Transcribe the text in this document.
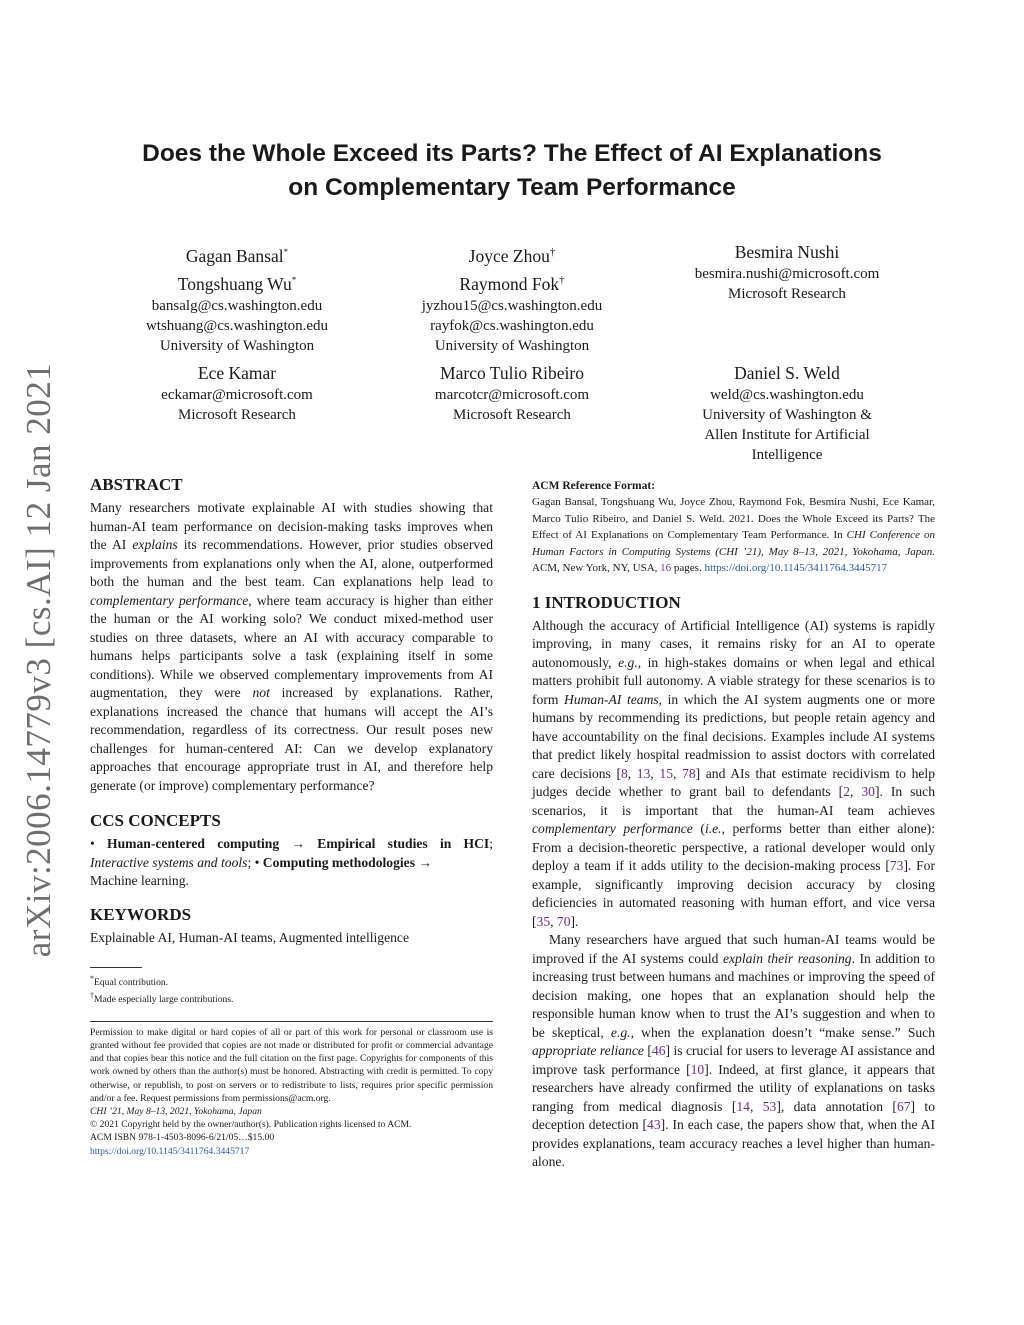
arXiv:2006.14779v3 [cs.AI] 12 Jan 2021
Does the Whole Exceed its Parts? The Effect of AI Explanations
on Complementary Team Performance
Gagan Bansal*
Tongshuang Wu*
bansalg@cs.washington.edu
wtshuang@cs.washington.edu
University of Washington
Joyce Zhou†
Raymond Fok†
jyzhou15@cs.washington.edu
rayfok@cs.washington.edu
University of Washington
Besmira Nushi
besmira.nushi@microsoft.com
Microsoft Research
Ece Kamar
eckamar@microsoft.com
Microsoft Research
Marco Tulio Ribeiro
marcotcr@microsoft.com
Microsoft Research
Daniel S. Weld
weld@cs.washington.edu
University of Washington &
Allen Institute for Artificial
Intelligence
ABSTRACT

Many researchers motivate explainable AI with studies showing that human-AI team performance on decision-making tasks improves when the AI explains its recommendations. However, prior studies observed improvements from explanations only when the AI, alone, outperformed both the human and the best team. Can explanations help lead to complementary performance, where team accuracy is higher than either the human or the AI working solo? We conduct mixed-method user studies on three datasets, where an AI with accuracy comparable to humans helps participants solve a task (explaining itself in some conditions). While we observed complementary improvements from AI augmentation, they were not increased by explanations. Rather, explanations increased the chance that humans will accept the AI’s recommendation, regardless of its correctness. Our result poses new challenges for human-centered AI: Can we develop explanatory approaches that encourage appropriate trust in AI, and therefore help generate (or improve) complementary performance?

CCS CONCEPTS

• Human-centered computing → Empirical studies in HCI; Interactive systems and tools; • Computing methodologies →
Machine learning.

KEYWORDS

Explainable AI, Human-AI teams, Augmented intelligence

*Equal contribution.
†Made especially large contributions.
Permission to make digital or hard copies of all or part of this work for personal or classroom use is granted without fee provided that copies are not made or distributed for profit or commercial advantage and that copies bear this notice and the full citation on the first page. Copyrights for components of this work owned by others than the author(s) must be honored. Abstracting with credit is permitted. To copy otherwise, or republish, to post on servers or to redistribute to lists, requires prior specific permission and/or a fee. Request permissions from permissions@acm.org.
CHI ’21, May 8–13, 2021, Yokohama, Japan
© 2021 Copyright held by the owner/author(s). Publication rights licensed to ACM.
ACM ISBN 978-1-4503-8096-6/21/05…$15.00
https://doi.org/10.1145/3411764.3445717
ACM Reference Format:
Gagan Bansal, Tongshuang Wu, Joyce Zhou, Raymond Fok, Besmira Nushi, Ece Kamar, Marco Tulio Ribeiro, and Daniel S. Weld. 2021. Does the Whole Exceed its Parts? The Effect of AI Explanations on Complementary Team Performance. In CHI Conference on Human Factors in Computing Systems (CHI ’21), May 8–13, 2021, Yokohama, Japan. ACM, New York, NY, USA, 16 pages. https://doi.org/10.1145/3411764.3445717
1 INTRODUCTION

Although the accuracy of Artificial Intelligence (AI) systems is rapidly improving, in many cases, it remains risky for an AI to operate autonomously, e.g., in high-stakes domains or when legal and ethical matters prohibit full autonomy. A viable strategy for these scenarios is to form Human-AI teams, in which the AI system augments one or more humans by recommending its predictions, but people retain agency and have accountability on the final decisions. Examples include AI systems that predict likely hospital readmission to assist doctors with correlated care decisions [8, 13, 15, 78] and AIs that estimate recidivism to help judges decide whether to grant bail to defendants [2, 30]. In such scenarios, it is important that the human-AI team achieves complementary performance (i.e., performs better than either alone): From a decision-theoretic perspective, a rational developer would only deploy a team if it adds utility to the decision-making process [73]. For example, significantly improving decision accuracy by closing deficiencies in automated reasoning with human effort, and vice versa [35, 70].

Many researchers have argued that such human-AI teams would be improved if the AI systems could explain their reasoning. In addition to increasing trust between humans and machines or improving the speed of decision making, one hopes that an explanation should help the responsible human know when to trust the AI’s suggestion and when to be skeptical, e.g., when the explanation doesn’t “make sense.” Such appropriate reliance [46] is crucial for users to leverage AI assistance and improve task performance [10]. Indeed, at first glance, it appears that researchers have already confirmed the utility of explanations on tasks ranging from medical diagnosis [14, 53], data annotation [67] to deception detection [43]. In each case, the papers show that, when the AI provides explanations, team accuracy reaches a level higher than human-alone.
